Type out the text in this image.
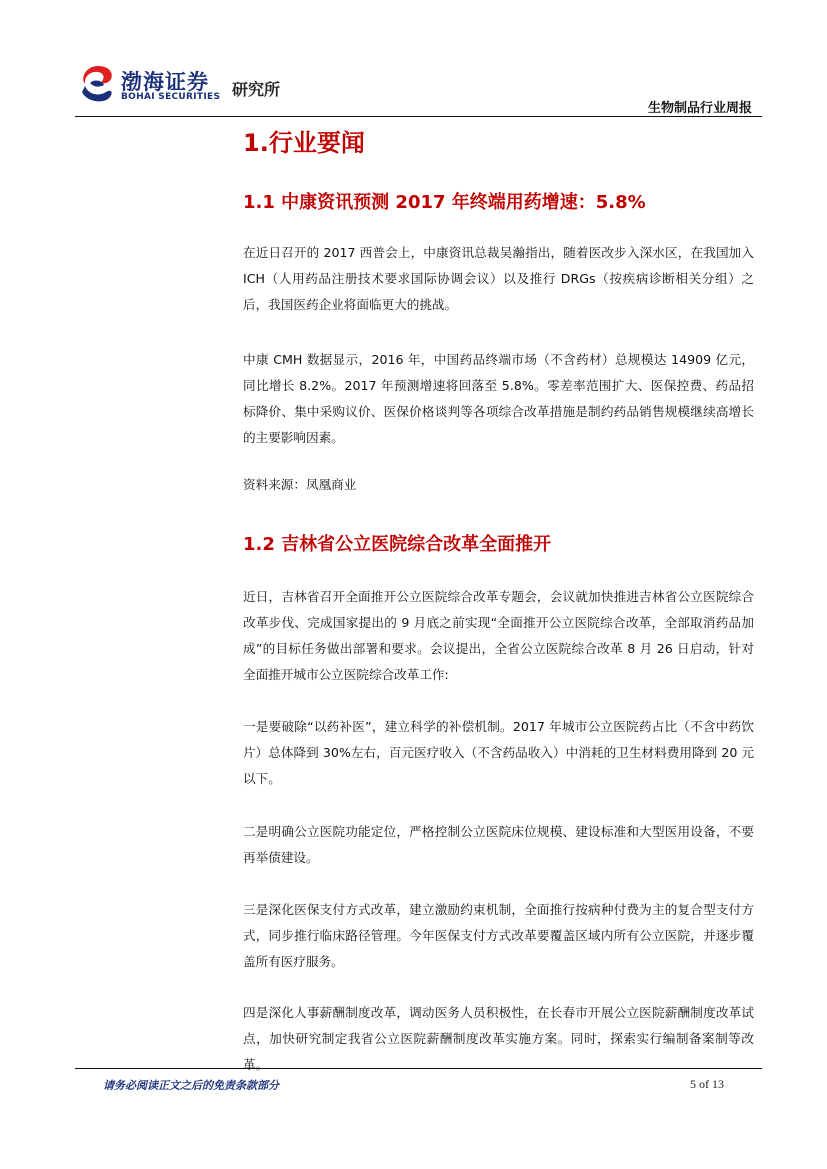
渤海证券
BOHAI SECURITIES 研究所
生物制品行业周报
1.行业要闻
1.1 中康资讯预测 2017 年终端用药增速：5.8%

在近日召开的 2017 西普会上，中康资讯总裁吴瀚指出，随着医改步入深水区，在我国加入 ICH（人用药品注册技术要求国际协调会议）以及推行 DRGs（按疾病诊断相关分组）之后，我国医药企业将面临更大的挑战。

中康 CMH 数据显示，2016 年，中国药品终端市场（不含药材）总规模达 14909 亿元，同比增长 8.2%。2017 年预测增速将回落至 5.8%。零差率范围扩大、医保控费、药品招标降价、集中采购议价、医保价格谈判等各项综合改革措施是制约药品销售规模继续高增长的主要影响因素。

资料来源：凤凰商业
1.2 吉林省公立医院综合改革全面推开

近日，吉林省召开全面推开公立医院综合改革专题会，会议就加快推进吉林省公立医院综合改革步伐、完成国家提出的 9 月底之前实现“全面推开公立医院综合改革，全部取消药品加成”的目标任务做出部署和要求。会议提出，全省公立医院综合改革 8 月 26 日启动，针对全面推开城市公立医院综合改革工作:

一是要破除“以药补医”，建立科学的补偿机制。2017 年城市公立医院药占比（不含中药饮片）总体降到 30%左右，百元医疗收入（不含药品收入）中消耗的卫生材料费用降到 20 元以下。

二是明确公立医院功能定位，严格控制公立医院床位规模、建设标准和大型医用设备，不要再举债建设。

三是深化医保支付方式改革，建立激励约束机制，全面推行按病种付费为主的复合型支付方式，同步推行临床路径管理。今年医保支付方式改革要覆盖区域内所有公立医院，并逐步覆盖所有医疗服务。

四是深化人事薪酬制度改革，调动医务人员积极性，在长春市开展公立医院薪酬制度改革试点，加快研究制定我省公立医院薪酬制度改革实施方案。同时，探索实行编制备案制等改革。

请务必阅读正文之后的免责条款部分	5 of 13
